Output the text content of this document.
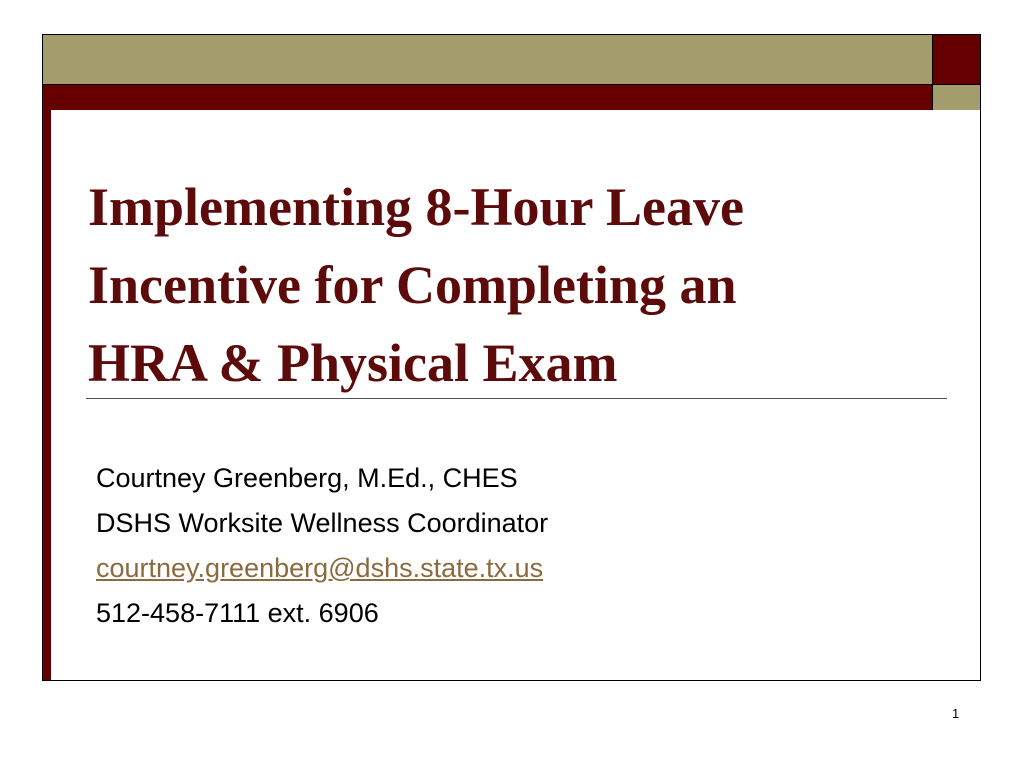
Implementing 8-Hour Leave
Incentive for Completing an
HRA & Physical Exam
Courtney Greenberg, M.Ed., CHES
DSHS Worksite Wellness Coordinator
courtney.greenberg@dshs.state.tx.us
512-458-7111 ext. 6906
1
